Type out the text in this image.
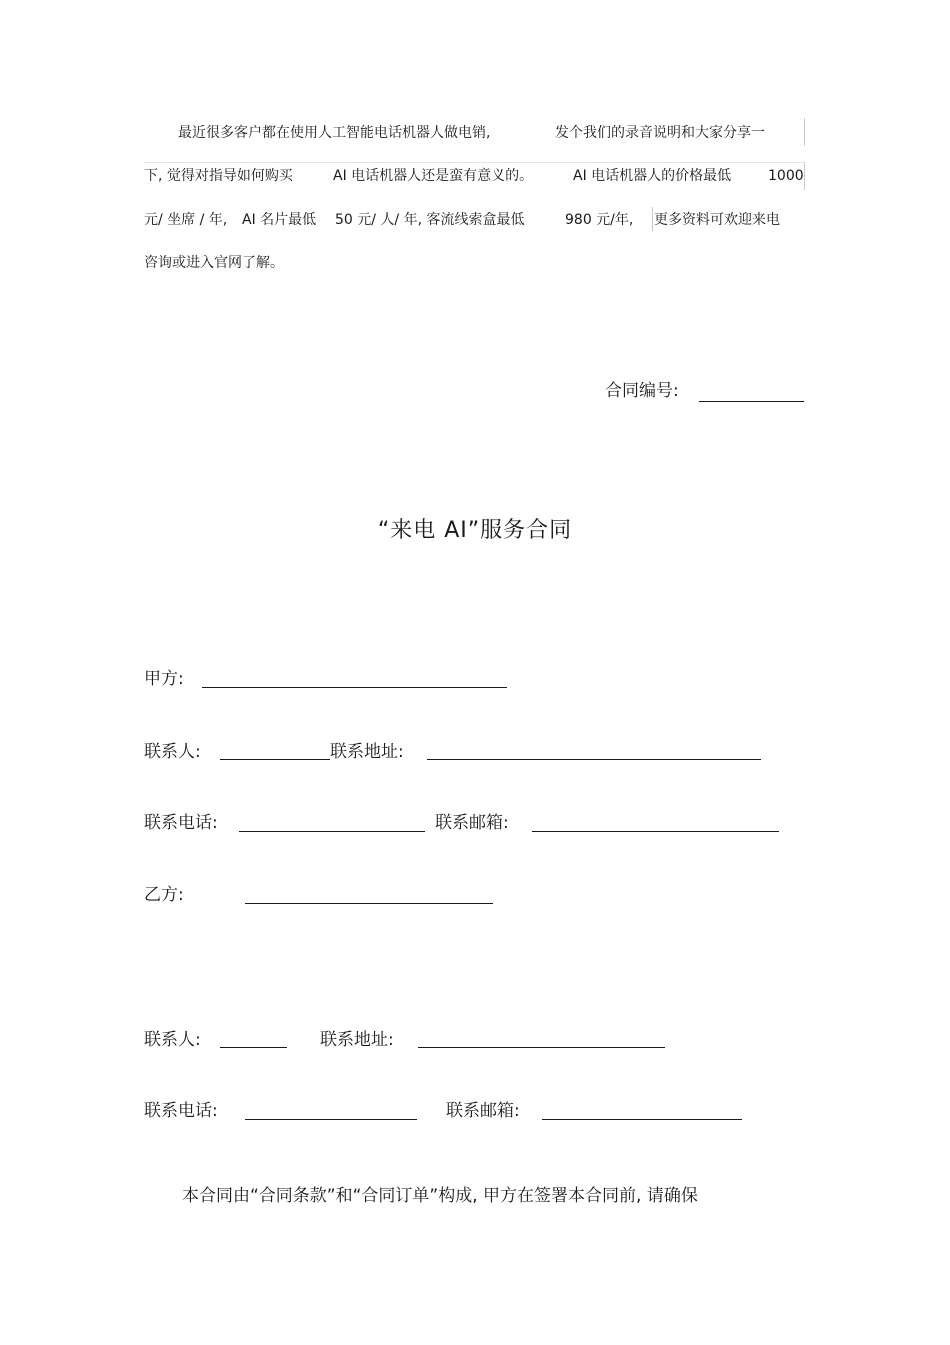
最近很多客户都在使用人工智能电话机器人做电销,	发个我们的录音说明和大家分享一
下, 觉得对指导如何购买	AI 电话机器人还是蛮有意义的。	AI 电话机器人的价格最低	1000
元/ 坐席 / 年, AI 名片最低 50 元/ 人/ 年, 客流线索盒最低	980 元/年, 更多资料可欢迎来电
咨询或进入官网了解。
合同编号:
“来电 AI”服务合同
甲方:
联系人:	联系地址:
联系电话:	联系邮箱:
乙方:
联系人:	联系地址:
联系电话:	联系邮箱:
本合同由“合同条款”和“合同订单”构成, 甲方在签署本合同前, 请确保
